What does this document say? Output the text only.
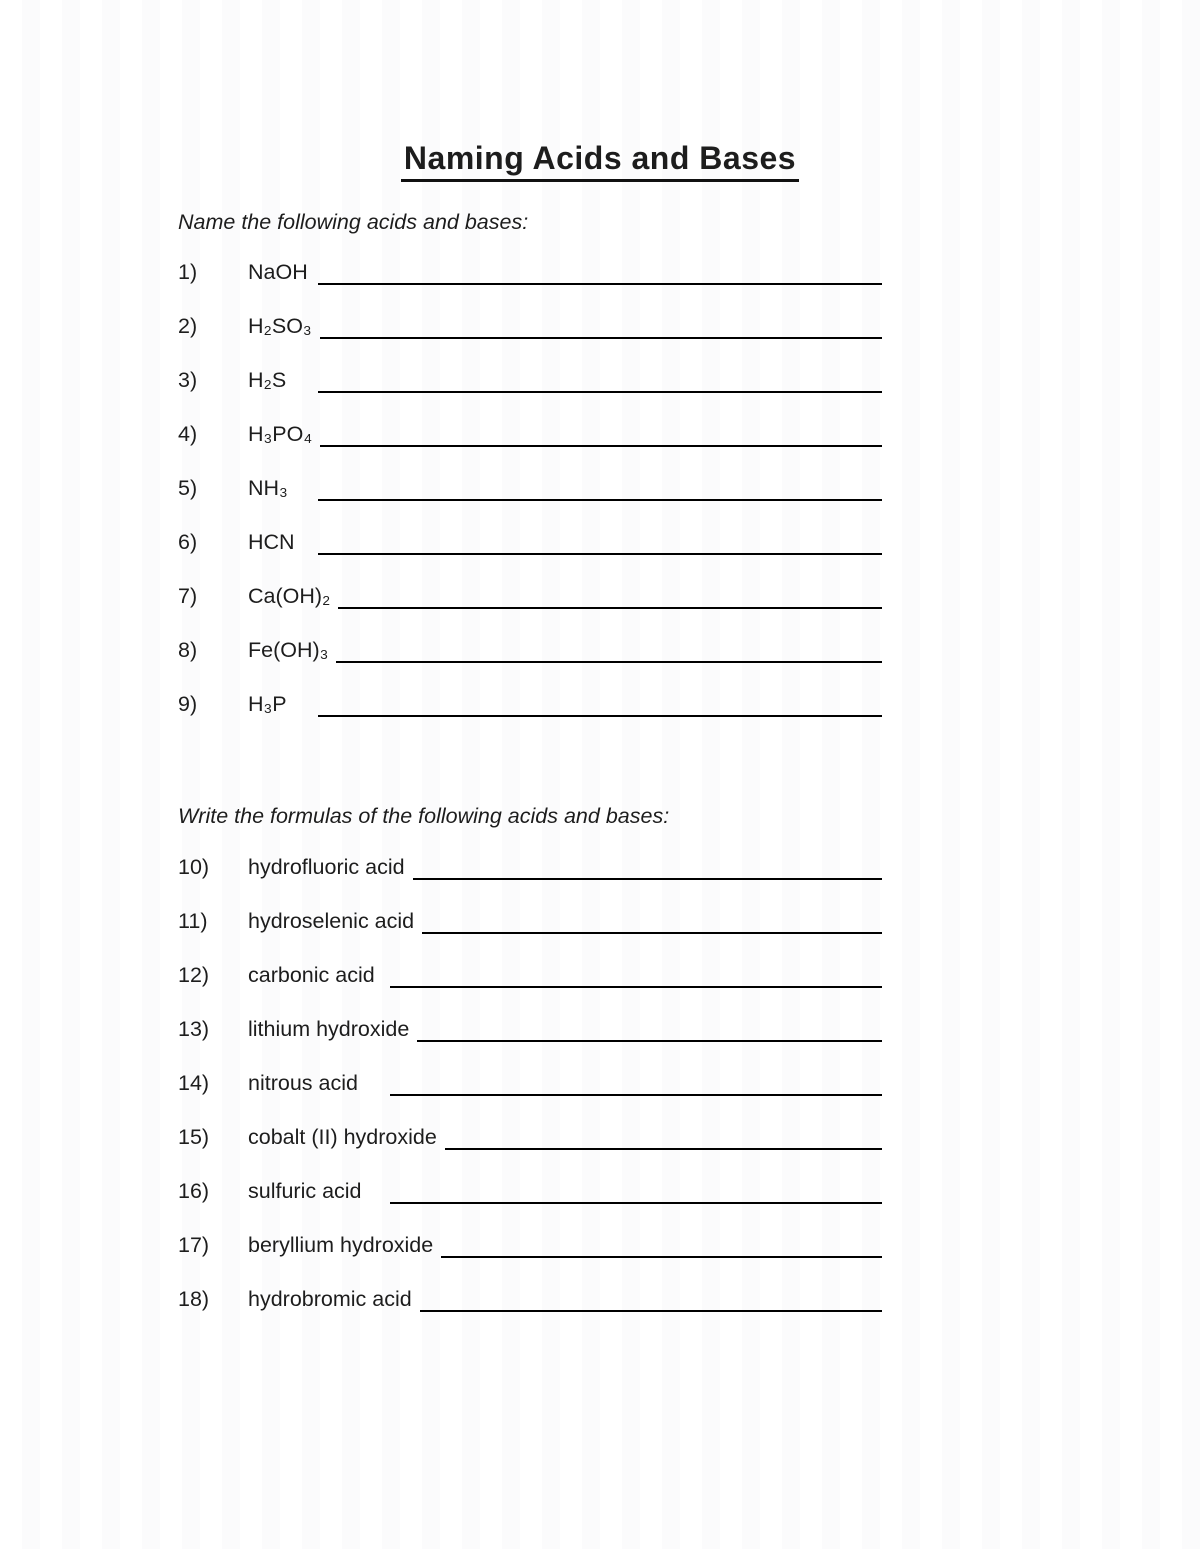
Naming Acids and Bases
Name the following acids and bases:
1)	NaOH
2)	H₂SO₃
3)	H₂S
4)	H₃PO₄
5)	NH₃
6)	HCN
7)	Ca(OH)₂
8)	Fe(OH)₃
9)	H₃P
Write the formulas of the following acids and bases:
10)	hydrofluoric acid
11)	hydroselenic acid
12)	carbonic acid
13)	lithium hydroxide
14)	nitrous acid
15)	cobalt (II) hydroxide
16)	sulfuric acid
17)	beryllium hydroxide
18)	hydrobromic acid
